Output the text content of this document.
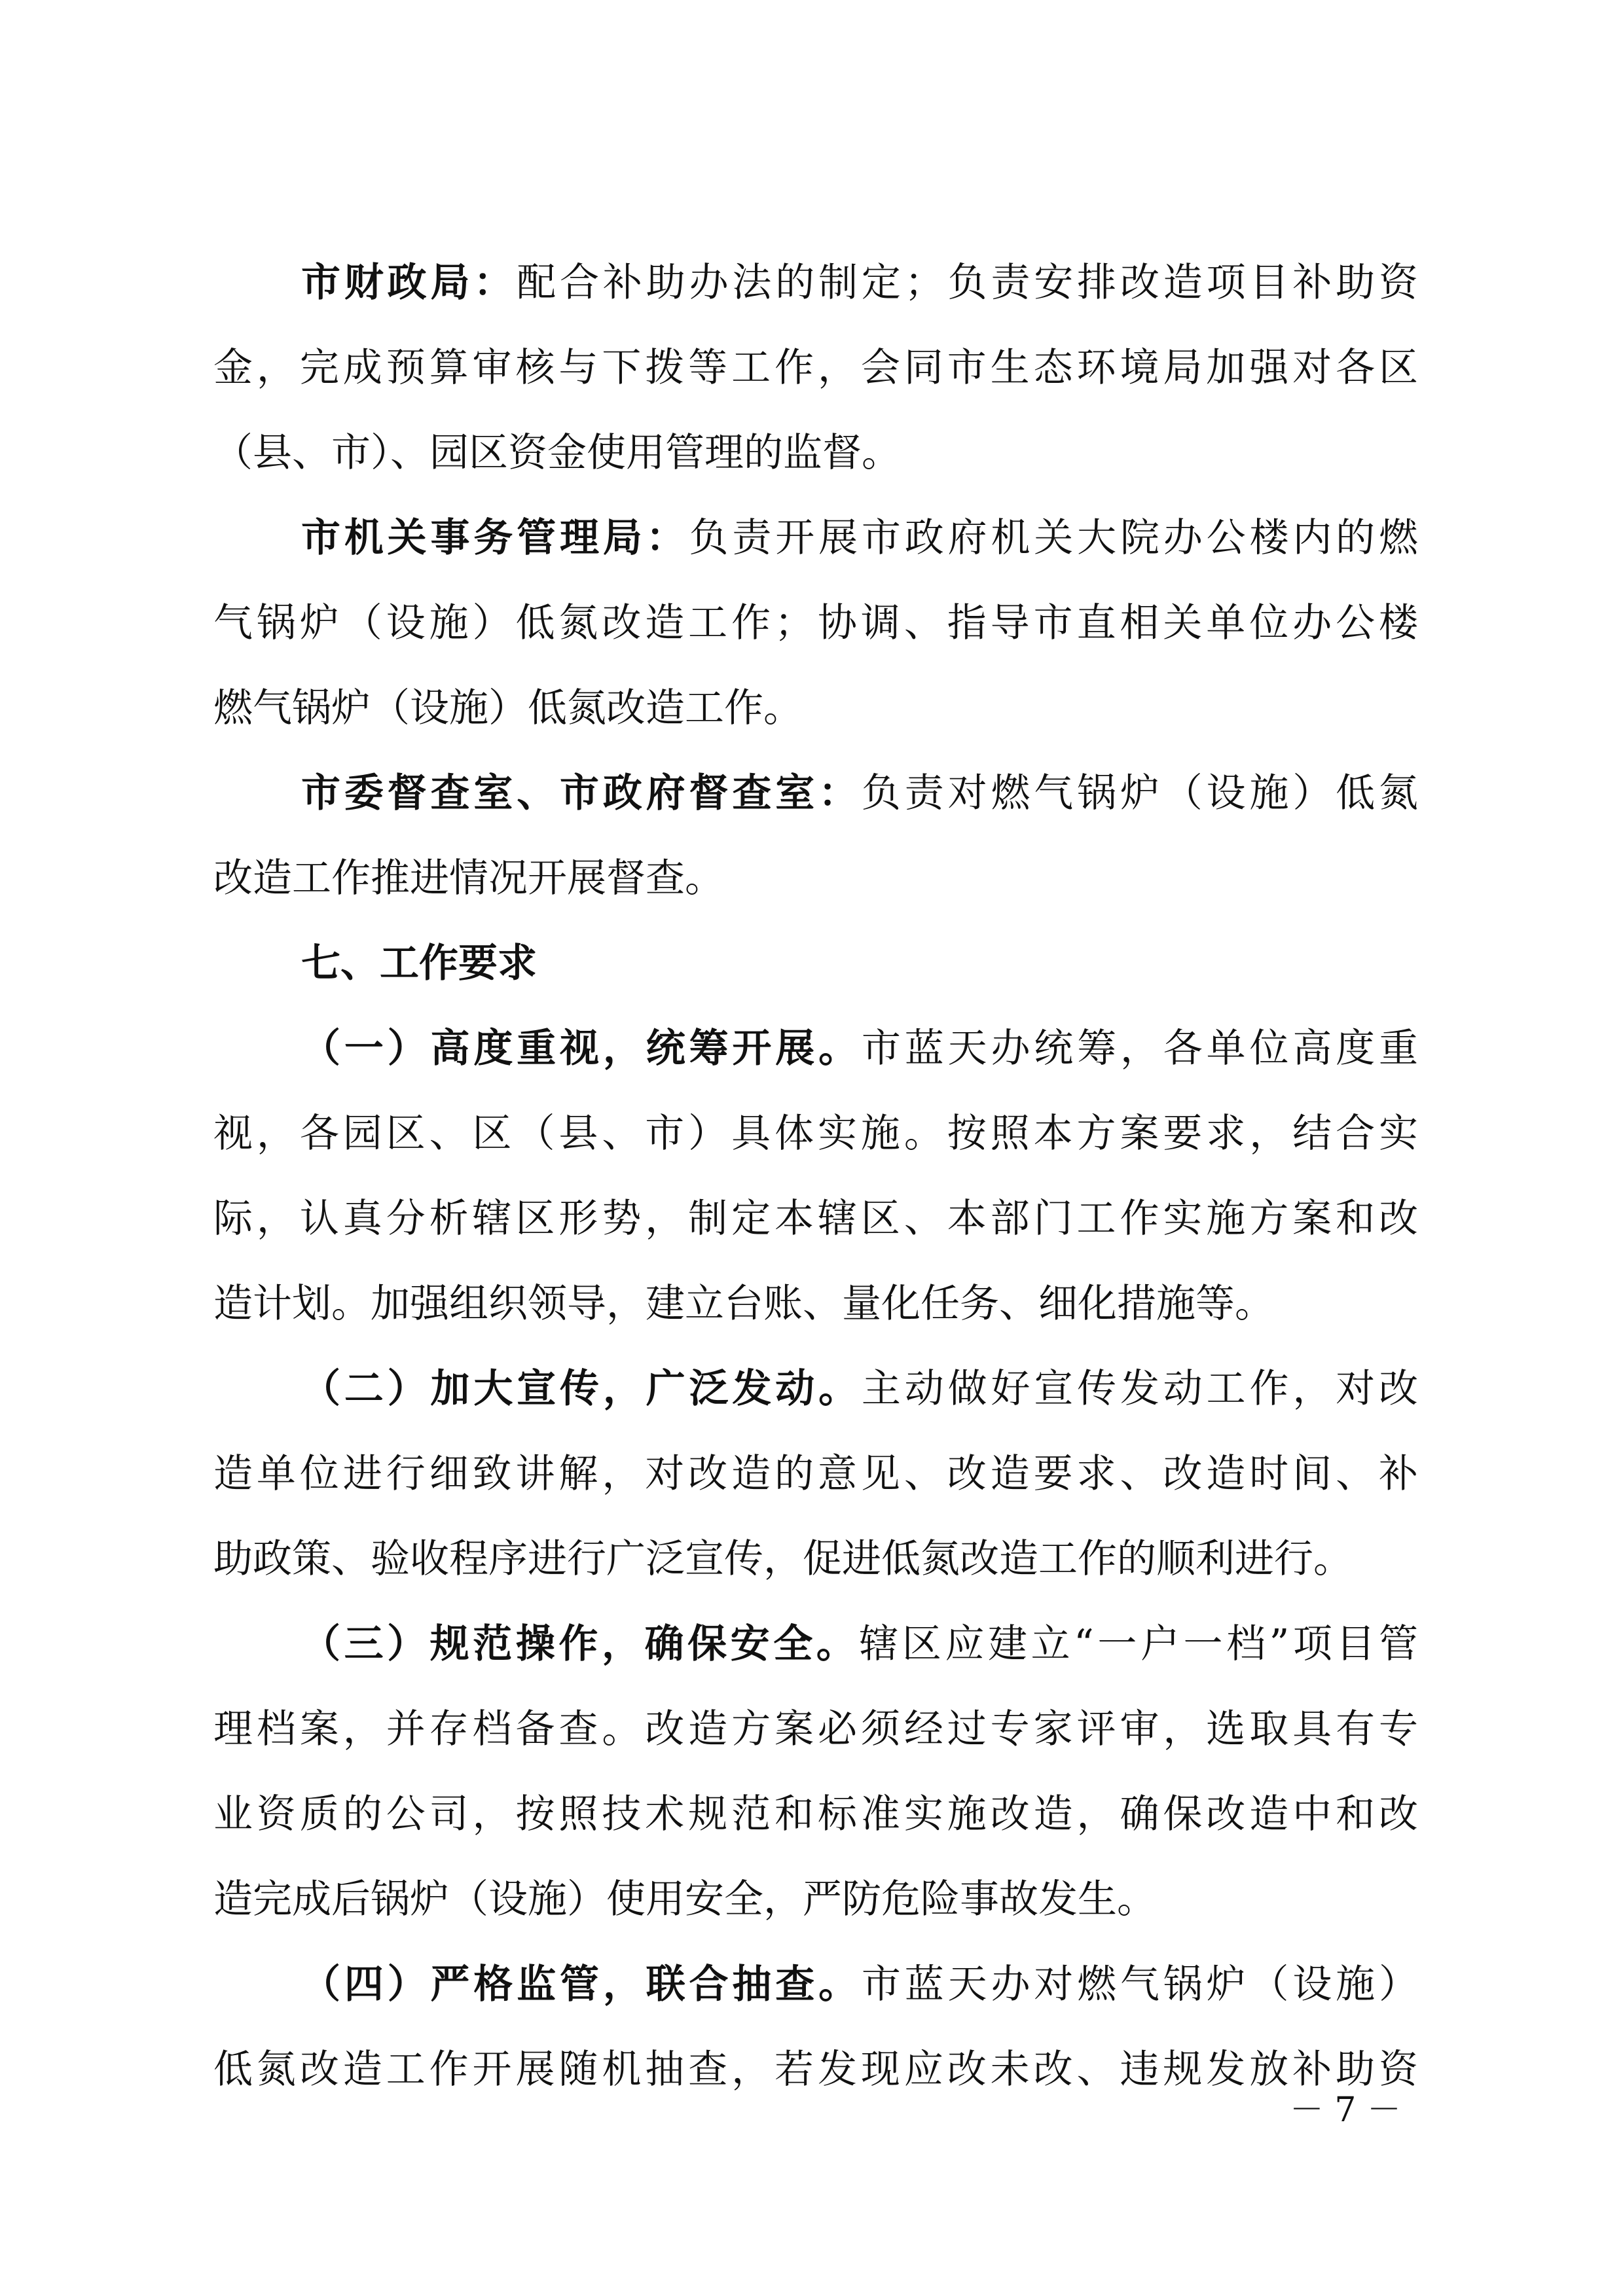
市财政局：配合补助办法的制定；负责安排改造项目补助资
金，完成预算审核与下拨等工作，会同市生态环境局加强对各区
（县、市）、园区资金使用管理的监督。
市机关事务管理局：负责开展市政府机关大院办公楼内的燃
气锅炉（设施）低氮改造工作；协调、指导市直相关单位办公楼
燃气锅炉（设施）低氮改造工作。
市委督查室、市政府督查室：负责对燃气锅炉（设施）低氮
改造工作推进情况开展督查。
七、工作要求
（一）高度重视，统筹开展。市蓝天办统筹，各单位高度重
视，各园区、区（县、市）具体实施。按照本方案要求，结合实
际，认真分析辖区形势，制定本辖区、本部门工作实施方案和改
造计划。加强组织领导，建立台账、量化任务、细化措施等。
（二）加大宣传，广泛发动。主动做好宣传发动工作，对改
造单位进行细致讲解，对改造的意见、改造要求、改造时间、补
助政策、验收程序进行广泛宣传，促进低氮改造工作的顺利进行。
（三）规范操作，确保安全。辖区应建立“一户一档”项目管
理档案，并存档备查。改造方案必须经过专家评审，选取具有专
业资质的公司，按照技术规范和标准实施改造，确保改造中和改
造完成后锅炉（设施）使用安全，严防危险事故发生。
（四）严格监管，联合抽查。市蓝天办对燃气锅炉（设施）
低氮改造工作开展随机抽查，若发现应改未改、违规发放补助资
－ 7 －
